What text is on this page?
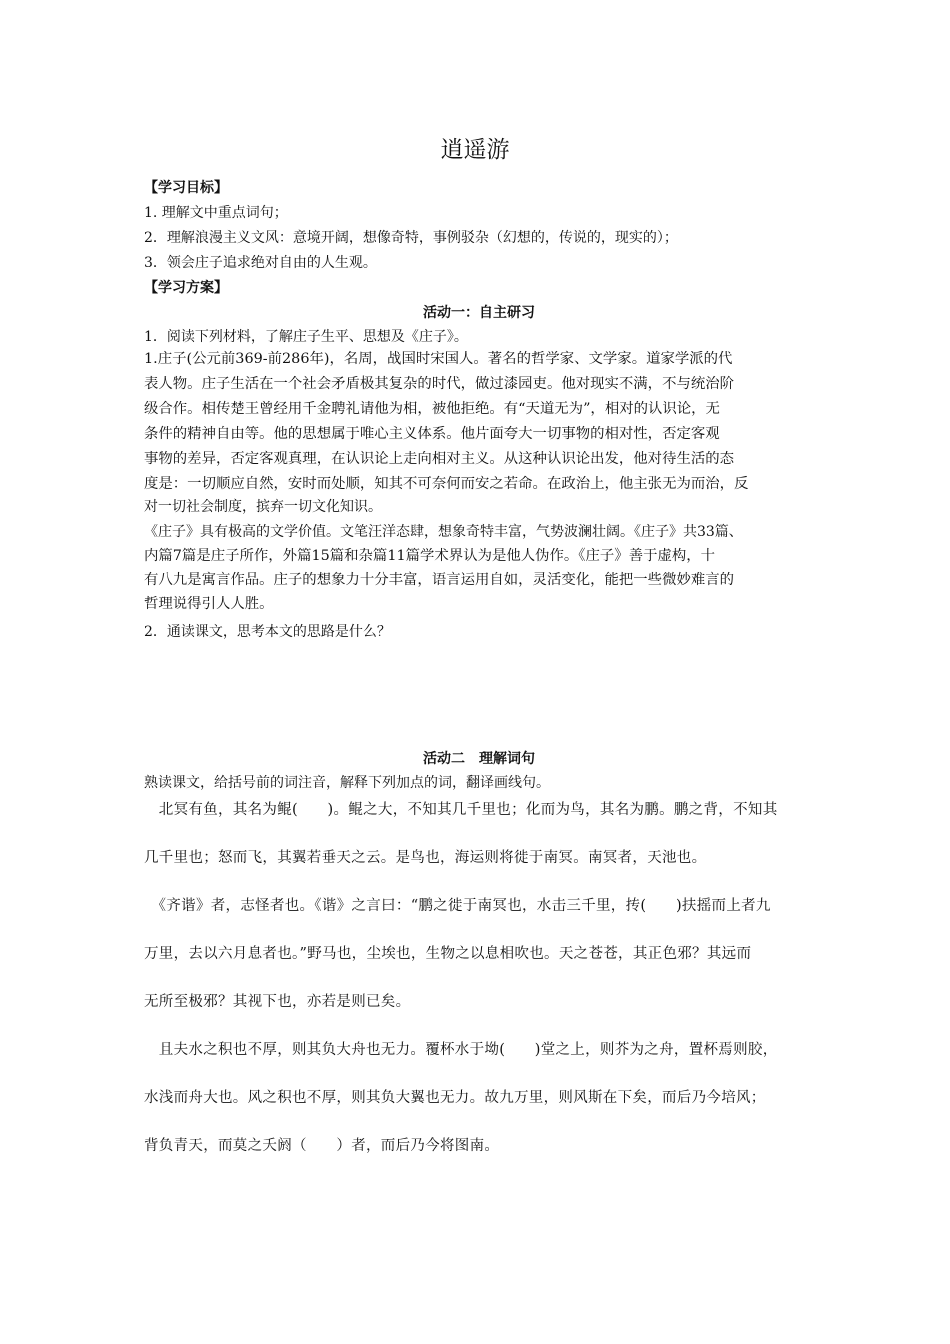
逍遥游
【学习目标】
1. 理解文中重点词句；
2．理解浪漫主义文风：意境开阔，想像奇特，事例驳杂（幻想的，传说的，现实的）；
3．领会庄子追求绝对自由的人生观。
【学习方案】
活动一：自主研习
1．阅读下列材料，了解庄子生平、思想及《庄子》。

1.庄子(公元前369-前286年)，名周，战国时宋国人。著名的哲学家、文学家。道家学派的代

表人物。庄子生活在一个社会矛盾极其复杂的时代，做过漆园吏。他对现实不满，不与统治阶

级合作。相传楚王曾经用千金聘礼请他为相，被他拒绝。有“天道无为”，相对的认识论，无

条件的精神自由等。他的思想属于唯心主义体系。他片面夸大一切事物的相对性，否定客观

事物的差异，否定客观真理，在认识论上走向相对主义。从这种认识论出发，他对待生活的态

度是：一切顺应自然，安时而处顺，知其不可奈何而安之若命。在政治上，他主张无为而治，反

对一切社会制度，摈弃一切文化知识。

《庄子》具有极高的文学价值。文笔汪洋态肆，想象奇特丰富，气势波澜壮阔。《庄子》共33篇、

内篇7篇是庄子所作，外篇15篇和杂篇11篇学术界认为是他人伪作。《庄子》善于虚构，十

有八九是寓言作品。庄子的想象力十分丰富，语言运用自如，灵活变化，能把一些微妙难言的

哲理说得引人人胜。

2．通读课文，思考本文的思路是什么？
活动二　理解词句
熟读课文，给括号前的词注音，解释下列加点的词，翻译画线句。
　北冥有鱼，其名为鲲(　　)。鲲之大，不知其几千里也；化而为鸟，其名为鹏。鹏之背，不知其
几千里也；怒而飞，其翼若垂天之云。是鸟也，海运则将徙于南冥。南冥者，天池也。
　《齐谐》者，志怪者也。《谐》之言曰：“鹏之徙于南冥也，水击三千里，抟(　　)扶摇而上者九
万里，去以六月息者也。”野马也，尘埃也，生物之以息相吹也。天之苍苍，其正色邪？其远而
无所至极邪？其视下也，亦若是则已矣。
　且夫水之积也不厚，则其负大舟也无力。覆杯水于坳(　　)堂之上，则芥为之舟，置杯焉则胶，
水浅而舟大也。风之积也不厚，则其负大翼也无力。故九万里，则风斯在下矣，而后乃今培风；
背负青天，而莫之夭阏（　　）者，而后乃今将图南。
